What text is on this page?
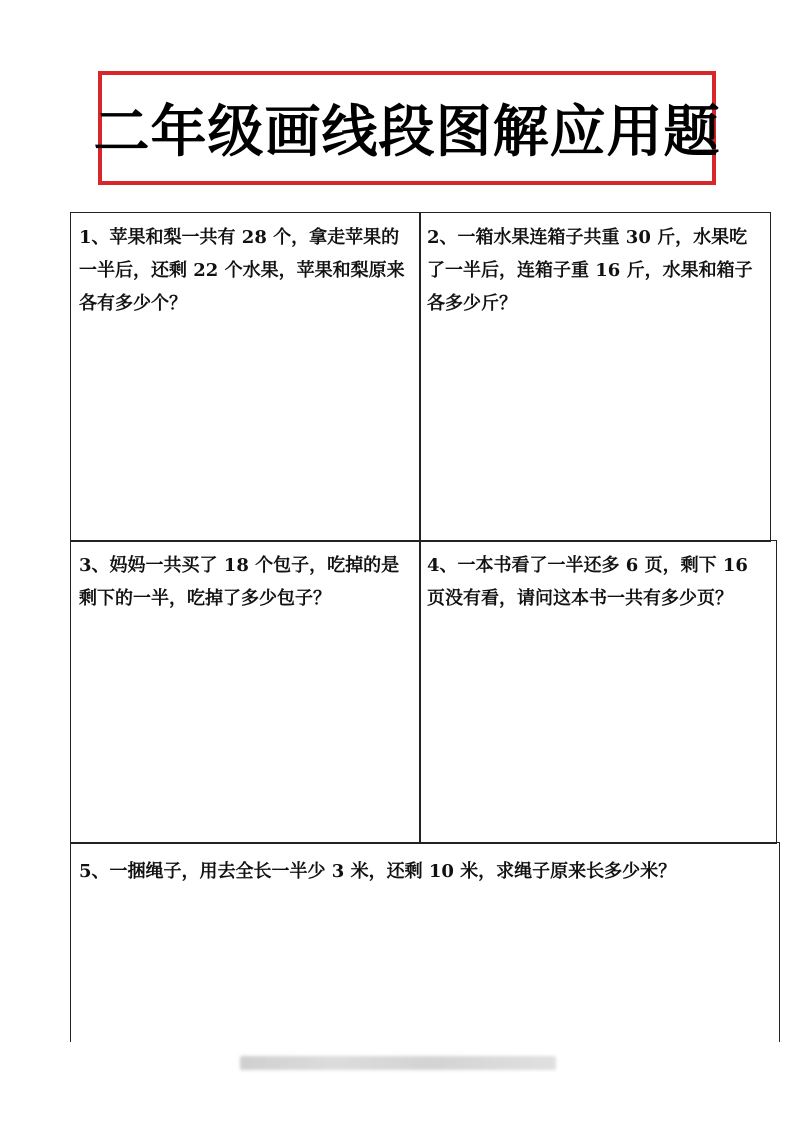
二年级画线段图解应用题
1、苹果和梨一共有 28 个，拿走苹果的一半后，还剩 22 个水果，苹果和梨原来各有多少个？
2、一箱水果连箱子共重 30 斤，水果吃了一半后，连箱子重 16 斤，水果和箱子各多少斤？
3、妈妈一共买了 18 个包子，吃掉的是剩下的一半，吃掉了多少包子？
4、一本书看了一半还多 6 页，剩下 16 页没有看，请问这本书一共有多少页？
5、一捆绳子，用去全长一半少 3 米，还剩 10 米，求绳子原来长多少米？
